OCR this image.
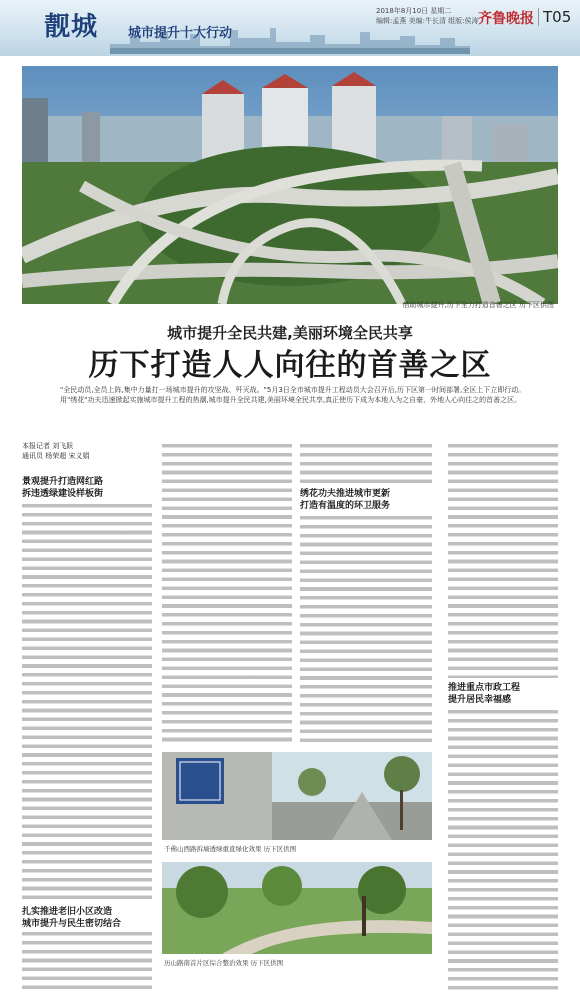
靓城 城市提升十大行动
2018年8月10日 星期二
编辑:孟燕 美编:牛长清 组版:侯涛 齐鲁晚报 T05
借助城市提升,历下全力打造首善之区 历下区供图
城市提升全民共建,美丽环境全民共享
历下打造人人向往的首善之区
"全民动员,全员上阵,集中力量打一场城市提升的攻坚战、歼灭战。"5月3日全市城市提升工程动员大会召开后,历下区第一时间部署,全区上下立即行动。用"绣花"功夫迅速掀起实施城市提升工程的热潮,城市提升全民共建,美丽环境全民共享,真正使历下成为本地人为之自豪、外地人心向往之的首善之区。
本报记者 刘飞跃
通讯员 杨荣超 宋义娟
景观提升打造网红路
拆违透绿建设样板街
扎实推进老旧小区改造
城市提升与民生密切结合
绣花功夫推进城市更新
打造有温度的环卫服务
推进重点市政工程
提升居民幸福感
千佛山西路拆墙透绿重直绿化效果 历下区供图
历山路南首片区综合整治效果 历下区供图
